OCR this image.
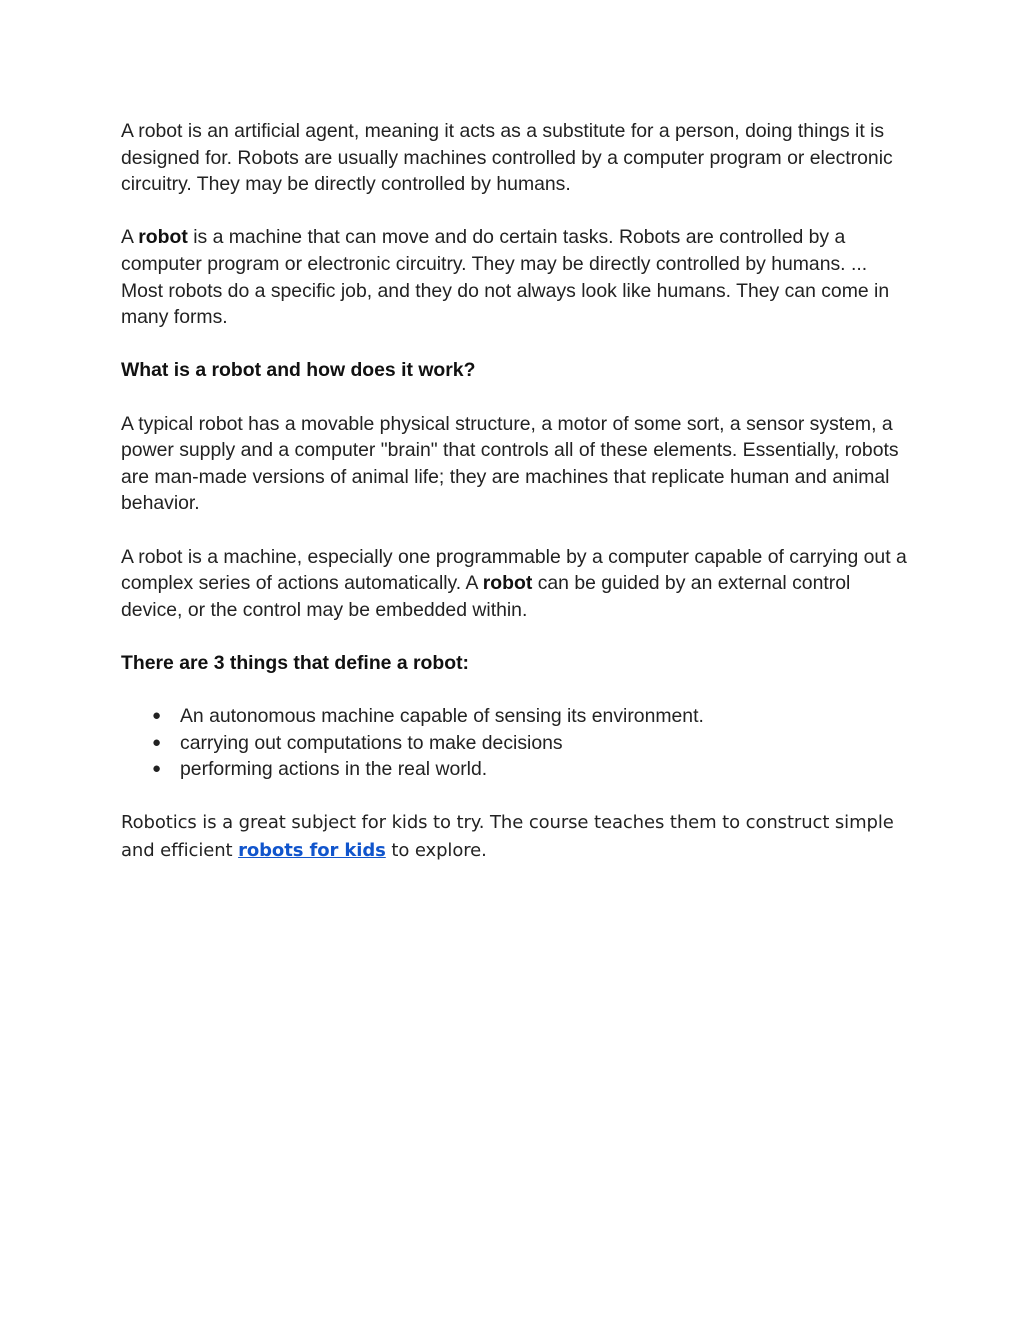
A robot is an artificial agent, meaning it acts as a substitute for a person, doing things it is designed for. Robots are usually machines controlled by a computer program or electronic circuitry. They may be directly controlled by humans.

A robot is a machine that can move and do certain tasks. Robots are controlled by a computer program or electronic circuitry. They may be directly controlled by humans. ... Most robots do a specific job, and they do not always look like humans. They can come in many forms.

What is a robot and how does it work?

A typical robot has a movable physical structure, a motor of some sort, a sensor system, a power supply and a computer "brain" that controls all of these elements. Essentially, robots are man-made versions of animal life; they are machines that replicate human and animal behavior.

A robot is a machine, especially one programmable by a computer capable of carrying out a complex series of actions automatically. A robot can be guided by an external control device, or the control may be embedded within.

There are 3 things that define a robot:

● An autonomous machine capable of sensing its environment.
● carrying out computations to make decisions
● performing actions in the real world.

Robotics is a great subject for kids to try. The course teaches them to construct simple and efficient robots for kids to explore.
